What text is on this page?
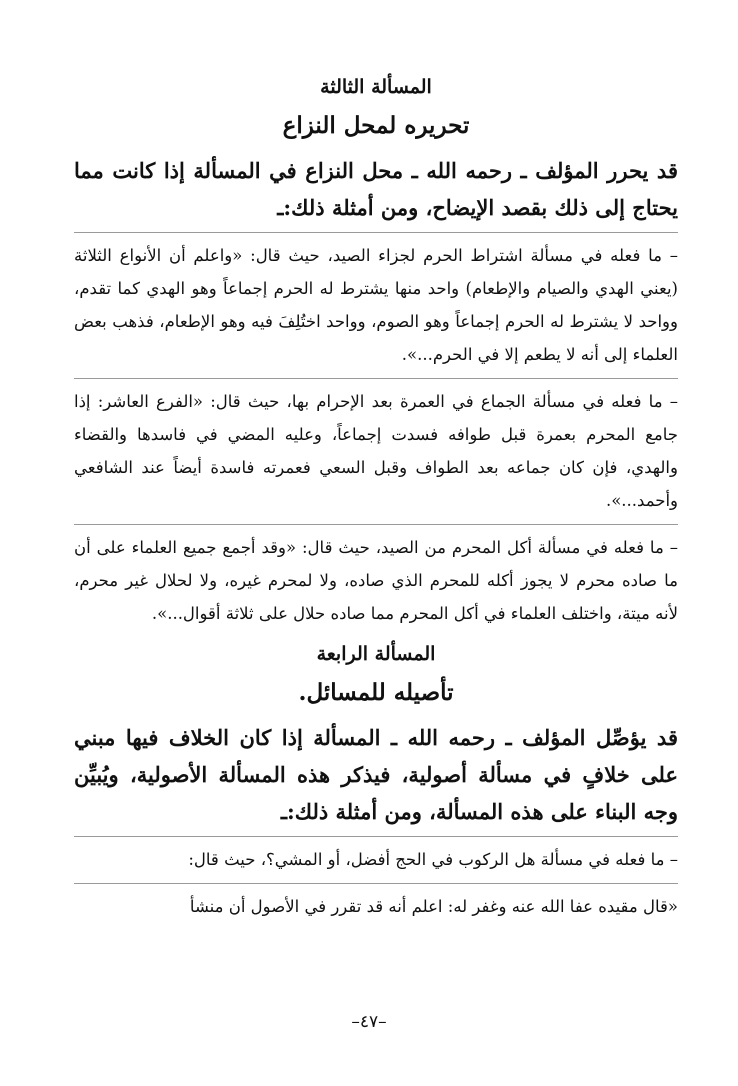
المسألة الثالثة
تحريره لمحل النزاع

قد يحرر المؤلف ـ رحمه الله ـ محل النزاع في المسألة إذا كانت مما يحتاج إلى ذلك بقصد الإيضاح، ومن أمثلة ذلك:ـ

– ما فعله في مسألة اشتراط الحرم لجزاء الصيد، حيث قال: «واعلم أن الأنواع الثلاثة (يعني الهدي والصيام والإطعام) واحد منها يشترط له الحرم إجماعاً وهو الهدي كما تقدم، وواحد لا يشترط له الحرم إجماعاً وهو الصوم، وواحد اختُلِفَ فيه وهو الإطعام، فذهب بعض العلماء إلى أنه لا يطعم إلا في الحرم...».

– ما فعله في مسألة الجماع في العمرة بعد الإحرام بها، حيث قال: «الفرع العاشر: إذا جامع المحرم بعمرة قبل طوافه فسدت إجماعاً، وعليه المضي في فاسدها والقضاء والهدي، فإن كان جماعه بعد الطواف وقبل السعي فعمرته فاسدة أيضاً عند الشافعي وأحمد...».

– ما فعله في مسألة أكل المحرم من الصيد، حيث قال: «وقد أجمع جميع العلماء على أن ما صاده محرم لا يجوز أكله للمحرم الذي صاده، ولا لمحرم غيره، ولا لحلال غير محرم، لأنه ميتة، واختلف العلماء في أكل المحرم مما صاده حلال على ثلاثة أقوال...».

المسألة الرابعة
تأصيله للمسائل.

قد يؤصِّل المؤلف ـ رحمه الله ـ المسألة إذا كان الخلاف فيها مبني على خلافٍ في مسألة أصولية، فيذكر هذه المسألة الأصولية، ويُبيِّن وجه البناء على هذه المسألة، ومن أمثلة ذلك:ـ

– ما فعله في مسألة هل الركوب في الحج أفضل، أو المشي؟، حيث قال:

«قال مقيده عفا الله عنه وغفر له: اعلم أنه قد تقرر في الأصول أن منشأ

–٤٧–
